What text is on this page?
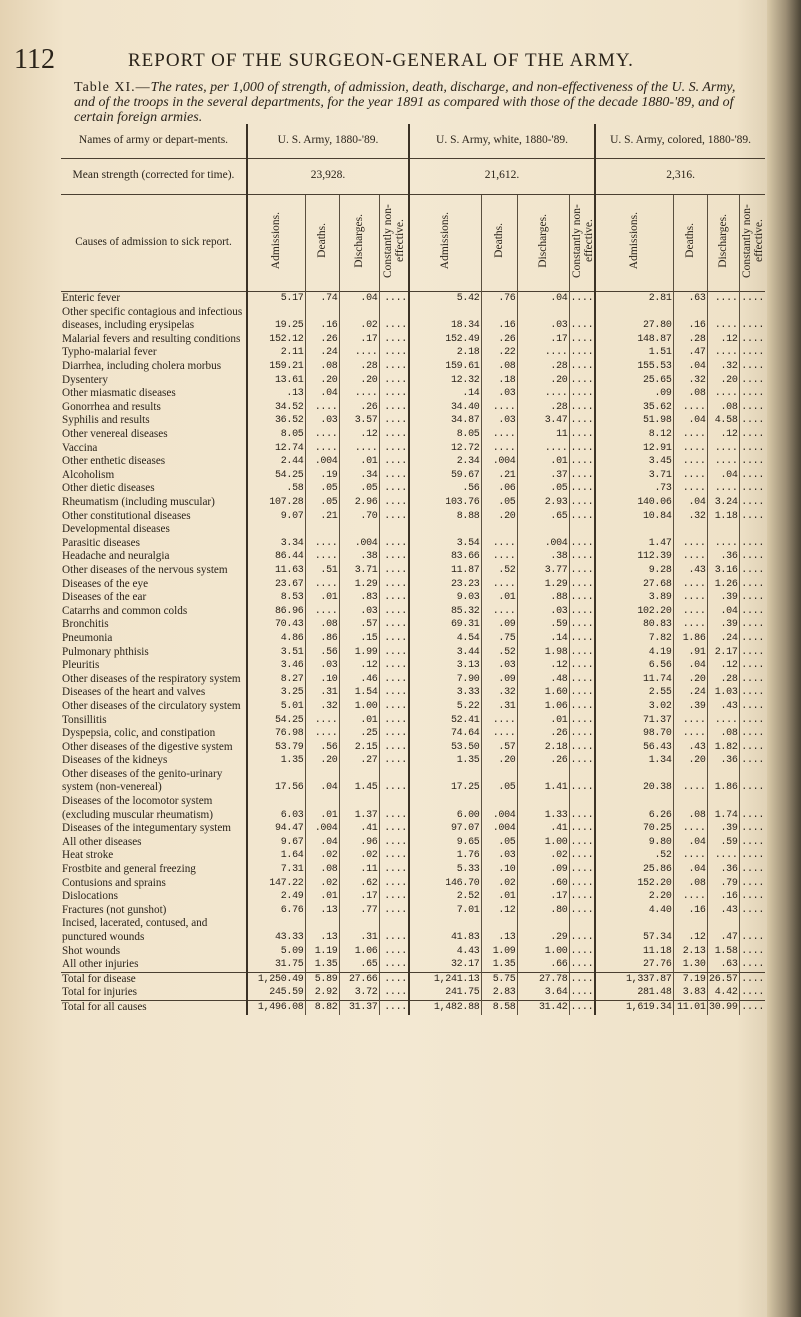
112	REPORT OF THE SURGEON-GENERAL OF THE ARMY.
Table XI.—The rates, per 1,000 of strength, of admission, death, discharge, and non-effectiveness of the U. S. Army, and of the troops in the several departments, for the year 1891 as compared with those of the decade 1880-'89, and of certain foreign armies.
Names of army or depart-ments.	U. S. Army, 1880-'89.				U. S. Army, white, 1880-'89.				U. S. Army, colored, 1880-'89.			
Mean strength (corrected for time).	23,928.				21,612.				2,316.			
Causes of admission to sick report.	Admissions.	Deaths.	Discharges.	Constantly non-effective.	Admissions.	Deaths.	Discharges.	Constantly non-effective.	Admissions.	Deaths.	Discharges.	Constantly non-effective.
Enteric fever	5.17	.74	.04	....	5.42	.76	.04	....	2.81	.63	....	....
Other specific contagious and infectious diseases, including erysipelas	19.25	.16	.02	....	18.34	.16	.03	....	27.80	.16	....	....
Malarial fevers and resulting conditions	152.12	.26	.17	....	152.49	.26	.17	....	148.87	.28	.12	....
Typho-malarial fever	2.11	.24	....	....	2.18	.22	....	....	1.51	.47	....	....
Diarrhea, including cholera morbus	159.21	.08	.28	....	159.61	.08	.28	....	155.53	.04	.32	....
Dysentery	13.61	.20	.20	....	12.32	.18	.20	....	25.65	.32	.20	....
Other miasmatic diseases	.13	.04	....	....	.14	.03	....	....	.09	.08	....	....
Gonorrhea and results	34.52	....	.26	....	34.40	....	.28	....	35.62	....	.08	....
Syphilis and results	36.52	.03	3.57	....	34.87	.03	3.47	....	51.98	.04	4.58	....
Other venereal diseases	8.05	....	.12	....	8.05	....	11	....	8.12	....	.12	....
Vaccina	12.74	....	....	....	12.72	....	....	....	12.91	....	....	....
Other enthetic diseases	2.44	.004	.01	....	2.34	.004	.01	....	3.45	....	....	....
Alcoholism	54.25	.19	.34	....	59.67	.21	.37	....	3.71	....	.04	....
Other dietic diseases	.58	.05	.05	....	.56	.06	.05	....	.73	....	....	....
Rheumatism (including muscular)	107.28	.05	2.96	....	103.76	.05	2.93	....	140.06	.04	3.24	....
Other constitutional diseases	9.07	.21	.70	....	8.88	.20	.65	....	10.84	.32	1.18	....
Developmental diseases												
Parasitic diseases	3.34	....	.004	....	3.54	....	.004	....	1.47	....	....	....
Headache and neuralgia	86.44	....	.38	....	83.66	....	.38	....	112.39	....	.36	....
Other diseases of the nervous system	11.63	.51	3.71	....	11.87	.52	3.77	....	9.28	.43	3.16	....
Diseases of the eye	23.67	....	1.29	....	23.23	....	1.29	....	27.68	....	1.26	....
Diseases of the ear	8.53	.01	.83	....	9.03	.01	.88	....	3.89	....	.39	....
Catarrhs and common colds	86.96	....	.03	....	85.32	....	.03	....	102.20	....	.04	....
Bronchitis	70.43	.08	.57	....	69.31	.09	.59	....	80.83	....	.39	....
Pneumonia	4.86	.86	.15	....	4.54	.75	.14	....	7.82	1.86	.24	....
Pulmonary phthisis	3.51	.56	1.99	....	3.44	.52	1.98	....	4.19	.91	2.17	....
Pleuritis	3.46	.03	.12	....	3.13	.03	.12	....	6.56	.04	.12	....
Other diseases of the respiratory system	8.27	.10	.46	....	7.90	.09	.48	....	11.74	.20	.28	....
Diseases of the heart and valves	3.25	.31	1.54	....	3.33	.32	1.60	....	2.55	.24	1.03	....
Other diseases of the circulatory system	5.01	.32	1.00	....	5.22	.31	1.06	....	3.02	.39	.43	....
Tonsillitis	54.25	....	.01	....	52.41	....	.01	....	71.37	....	....	....
Dyspepsia, colic, and constipation	76.98	....	.25	....	74.64	....	.26	....	98.70	....	.08	....
Other diseases of the digestive system	53.79	.56	2.15	....	53.50	.57	2.18	....	56.43	.43	1.82	....
Diseases of the kidneys	1.35	.20	.27	....	1.35	.20	.26	....	1.34	.20	.36	....
Other diseases of the genito-urinary system (non-venereal)	17.56	.04	1.45	....	17.25	.05	1.41	....	20.38	....	1.86	....
Diseases of the locomotor system (excluding muscular rheumatism)	6.03	.01	1.37	....	6.00	.004	1.33	....	6.26	.08	1.74	....
Diseases of the integumentary system	94.47	.004	.41	....	97.07	.004	.41	....	70.25	....	.39	....
All other diseases	9.67	.04	.96	....	9.65	.05	1.00	....	9.80	.04	.59	....
Heat stroke	1.64	.02	.02	....	1.76	.03	.02	....	.52	....	....	....
Frostbite and general freezing	7.31	.08	.11	....	5.33	.10	.09	....	25.86	.04	.36	....
Contusions and sprains	147.22	.02	.62	....	146.70	.02	.60	....	152.20	.08	.79	....
Dislocations	2.49	.01	.17	....	2.52	.01	.17	....	2.20	....	.16	....
Fractures (not gunshot)	6.76	.13	.77	....	7.01	.12	.80	....	4.40	.16	.43	....
Incised, lacerated, contused, and punctured wounds	43.33	.13	.31	....	41.83	.13	.29	....	57.34	.12	.47	....
Shot wounds	5.09	1.19	1.06	....	4.43	1.09	1.00	....	11.18	2.13	1.58	....
All other injuries	31.75	1.35	.65	....	32.17	1.35	.66	....	27.76	1.30	.63	....
Total for disease	1,250.49	5.89	27.66	....	1,241.13	5.75	27.78	....	1,337.87	7.19	26.57	....
Total for injuries	245.59	2.92	3.72	....	241.75	2.83	3.64	....	281.48	3.83	4.42	....
Total for all causes	1,496.08	8.82	31.37	....	1,482.88	8.58	31.42	....	1,619.34	11.01	30.99	....
